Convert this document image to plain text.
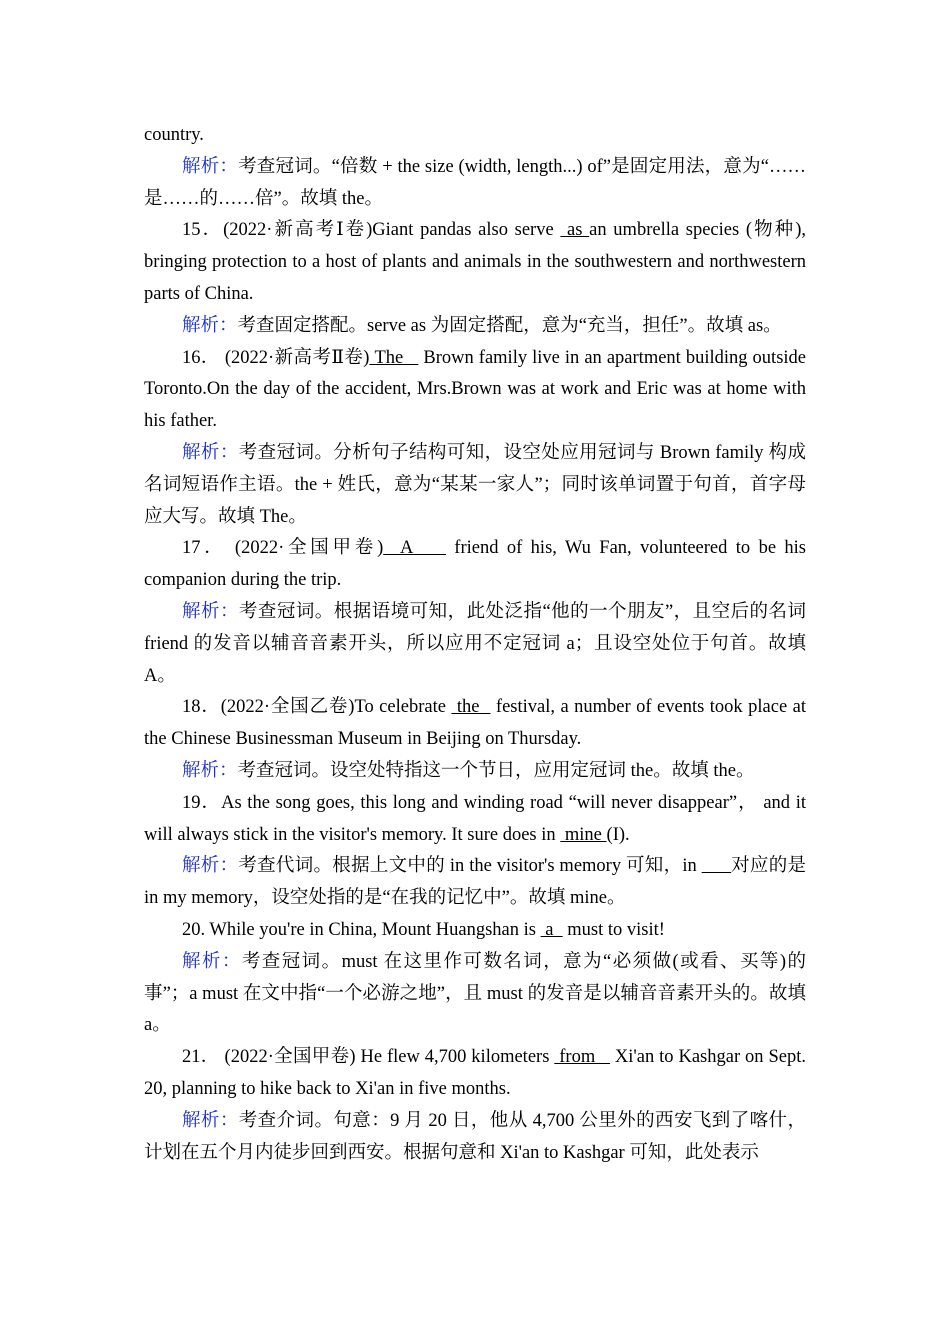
country.

解析：考查冠词。“倍数 + the size (width, length...) of”是固定用法，意为“……是……的……倍”。故填 the。

15．(2022·新高考Ⅰ卷)Giant pandas also serve  as an umbrella species (物种), bringing protection to a host of plants and animals in the southwestern and northwestern parts of China.

解析：考查固定搭配。serve as 为固定搭配，意为“充当，担任”。故填 as。

16． (2022·新高考Ⅱ卷) The    Brown family live in an apartment building outside Toronto.On the day of the accident, Mrs.Brown was at work and Eric was at home with his father.

解析：考查冠词。分析句子结构可知，设空处应用冠词与 Brown family 构成名词短语作主语。the + 姓氏，意为“某某一家人”；同时该单词置于句首，首字母应大写。故填 The。

17． (2022·全国甲卷)  A     friend of his, Wu Fan, volunteered to be his companion during the trip.

解析：考查冠词。根据语境可知，此处泛指“他的一个朋友”，且空后的名词 friend 的发音以辅音音素开头，所以应用不定冠词 a；且设空处位于句首。故填 A。

18．(2022·全国乙卷)To celebrate  the   festival, a number of events took place at the Chinese Businessman Museum in Beijing on Thursday.

解析：考查冠词。设空处特指这一个节日，应用定冠词 the。故填 the。

19．As the song goes, this long and winding road “will never disappear”， and it will always stick in the visitor's memory. It sure does in  mine (I).

解析：考查代词。根据上文中的 in the visitor's memory 可知，in       对应的是 in my memory，设空处指的是“在我的记忆中”。故填 mine。

20. While you're in China, Mount Huangshan is  a   must to visit!

解析：考查冠词。must 在这里作可数名词，意为“必须做(或看、买等)的事”；a must 在文中指“一个必游之地”，且 must 的发音是以辅音音素开头的。故填 a。

21． (2022·全国甲卷) He flew 4,700 kilometers  from    Xi'an to Kashgar on Sept. 20, planning to hike back to Xi'an in five months.

解析：考查介词。句意：9 月 20 日，他从 4,700 公里外的西安飞到了喀什，计划在五个月内徒步回到西安。根据句意和 Xi'an to Kashgar 可知，此处表示
